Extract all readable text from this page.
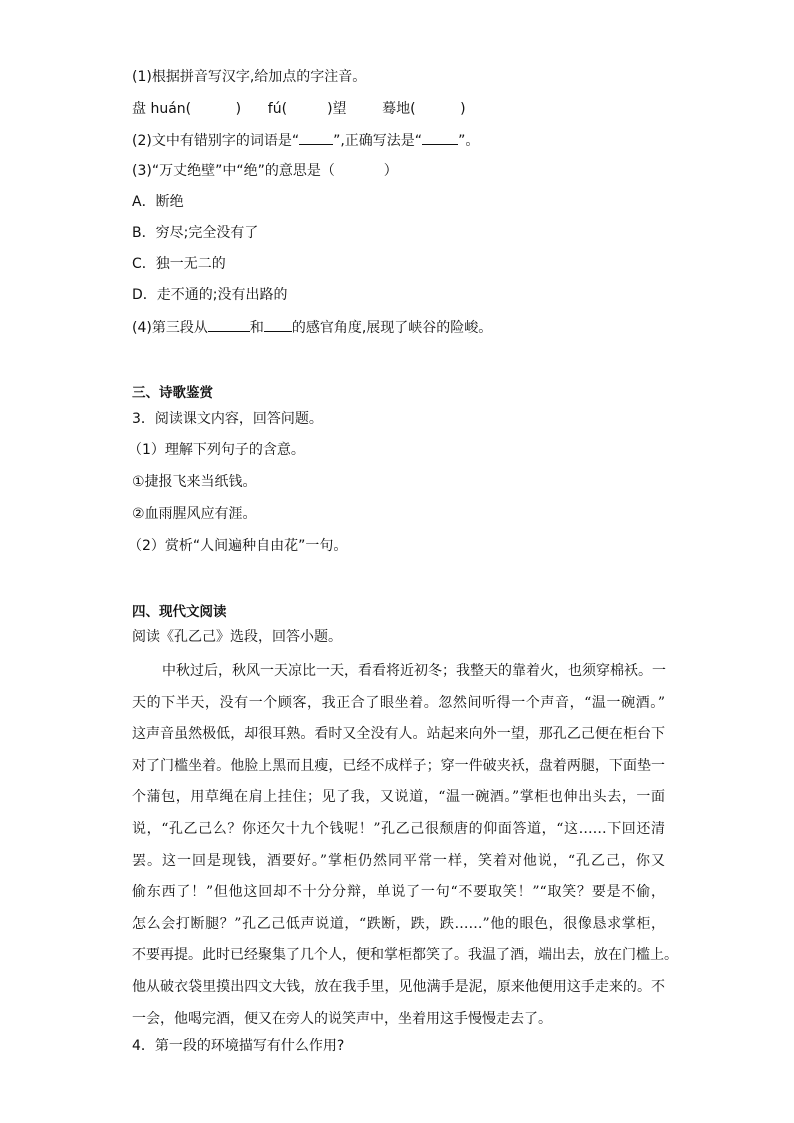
(1)根据拼音写汉字,给加点的字注音。
盘 huán(          )      fú(         )望        蓦地(          )
(2)文中有错别字的词语是“ ”,正确写法是“	”。
(3)“万丈绝壁”中“绝”的意思是（           ）
A．断绝
B．穷尽;完全没有了
C．独一无二的
D．走不通的;没有出路的
(4)第三段从	和 的感官角度,展现了峡谷的险峻。
三、诗歌鉴赏
3．阅读课文内容，回答问题。
（1）理解下列句子的含意。
①捷报飞来当纸钱。
②血雨腥风应有涯。
（2）赏析“人间遍种自由花”一句。
四、现代文阅读
阅读《孔乙己》选段，回答小题。
中秋过后，秋风一天凉比一天，看看将近初冬；我整天的靠着火，也须穿棉袄。一
天的下半天，没有一个顾客，我正合了眼坐着。忽然间听得一个声音，“温一碗酒。”
这声音虽然极低，却很耳熟。看时又全没有人。站起来向外一望，那孔乙己便在柜台下
对了门槛坐着。他脸上黑而且瘦，已经不成样子；穿一件破夹袄，盘着两腿，下面垫一
个蒲包，用草绳在肩上挂住；见了我，又说道，“温一碗酒。”掌柜也伸出头去，一面
说，“孔乙己么？你还欠十九个钱呢！”孔乙己很颓唐的仰面答道，“这……下回还清
罢。这一回是现钱，酒要好。”掌柜仍然同平常一样，笑着对他说，“孔乙己，你又
偷东西了！”但他这回却不十分分辩，单说了一句“不要取笑！”“取笑？要是不偷，
怎么会打断腿？”孔乙己低声说道，“跌断，跌，跌……”他的眼色，很像恳求掌柜，
不要再提。此时已经聚集了几个人，便和掌柜都笑了。我温了酒，端出去，放在门槛上。
他从破衣袋里摸出四文大钱，放在我手里，见他满手是泥，原来他便用这手走来的。不
一会，他喝完酒，便又在旁人的说笑声中，坐着用这手慢慢走去了。
4．第一段的环境描写有什么作用?
